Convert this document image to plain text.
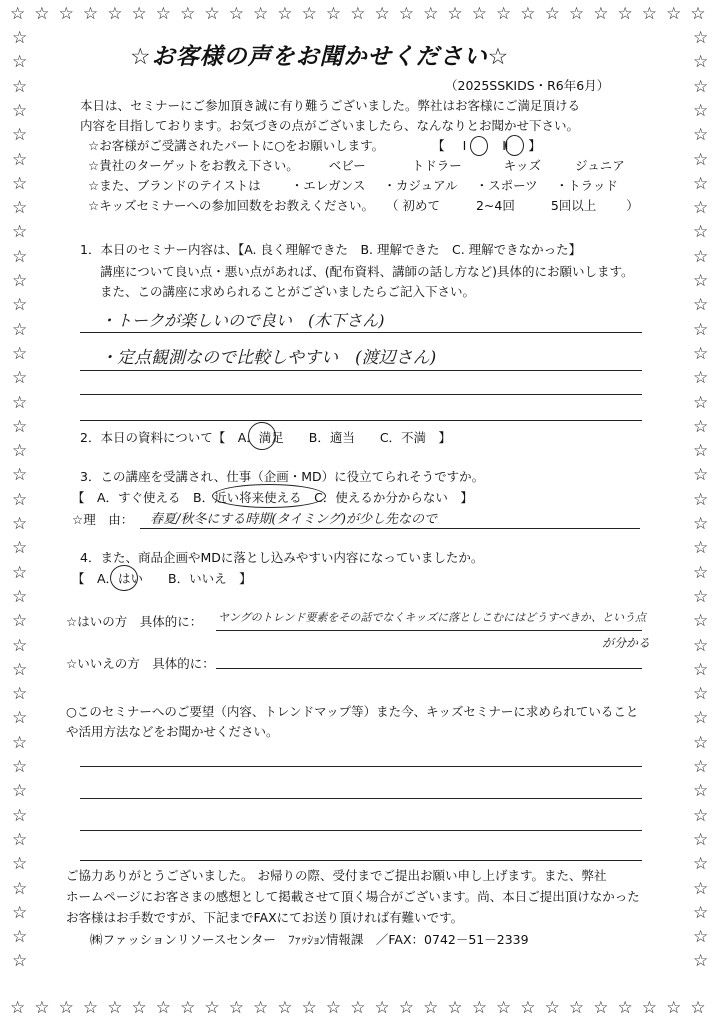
☆
☆
☆
☆
☆
☆
☆
☆
☆
☆
☆
☆
☆
☆
☆
☆
☆
☆
☆
☆
☆
☆
☆
☆
☆
☆
☆
☆
☆
☆
☆
☆
☆
☆
☆
☆
☆
☆
☆
☆
☆
☆
☆
☆
☆
☆
☆
☆
☆
☆
☆
☆
☆
☆
☆
☆
☆
☆
☆	☆
☆	☆
☆	☆
☆	☆
☆	☆
☆	☆
☆	☆
☆	☆
☆	☆
☆	☆
☆	☆
☆	☆
☆	☆
☆	☆
☆	☆
☆	☆
☆	☆
☆	☆
☆	☆
☆	☆
☆	☆
☆	☆
☆	☆
☆	☆
☆	☆
☆	☆
☆	☆
☆	☆
☆	☆
☆	☆
☆	☆
☆	☆
☆	☆
☆	☆
☆	☆
☆	☆
☆	☆
☆	☆
☆	☆
☆お客様の声をお聞かせください☆
（2025SSKIDS・R6年6月）
本日は、セミナーにご参加頂き誠に有り難うございました。弊社はお客様にご満足頂ける
内容を目指しております。お気づきの点がございましたら、なんなりとお聞かせ下さい。
☆お客様がご受講されたパートに○をお願いします。	【 Ⅰ	Ⅱ 】
☆貴社のターゲットをお教え下さい。 ベビー	トドラー	キッズ	ジュニア
☆また、ブランドのテイストは ・エレガンス ・カジュアル ・スポーツ ・トラッド
☆キッズセミナーへの参加回数をお教えください。 （ 初めて	2~4回	5回以上 ）
1．本日のセミナー内容は、【A. 良く理解できた　B. 理解できた　C. 理解できなかった】
講座について良い点・悪い点があれば、(配布資料、講師の話し方など)具体的にお願いします。
また、この講座に求められることがございましたらご記入下さい。
・トークが楽しいので良い　(木下さん)
・定点観測なので比較しやすい　(渡辺さん)
2．本日の資料について【　A．満足　　B．適当　　C．不満　】
3．この講座を受講され、仕事（企画・MD）に役立てられそうですか。
【　A．すぐ使える　B．近い将来使える　C．使えるか分からない　】
☆理　由： 春夏/秋冬にする時期(タイミング)が少し先なので
4．また、商品企画やMDに落とし込みやすい内容になっていましたか。
【　A．はい　　B．いいえ　】
☆はいの方　具体的に： ヤングのトレンド要素をその話でなくキッズに落としこむにはどうすべきか、という点
が分かる
☆いいえの方　具体的に：
○このセミナーへのご要望（内容、トレンドマップ等）また今、キッズセミナーに求められていること
や活用方法などをお聞かせください。
ご協力ありがとうございました。 お帰りの際、受付までご提出お願い申し上げます。また、弊社
ホームページにお客さまの感想として掲載させて頂く場合がございます。尚、本日ご提出頂けなかった
お客様はお手数ですが、下記までFAXにてお送り頂ければ有難いです。
㈱ファッションリソースセンター　ﾌｧｯｼｮﾝ情報課　／FAX：0742－51－2339
